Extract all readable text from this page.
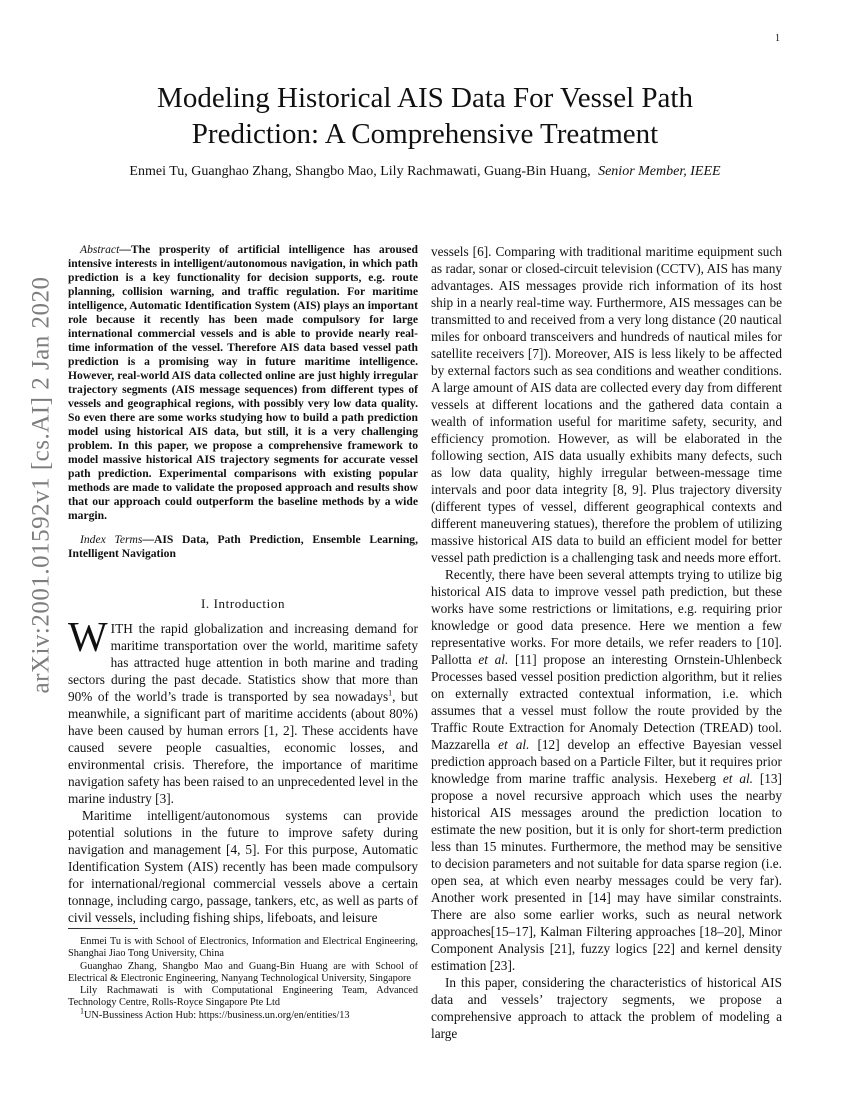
1
arXiv:2001.01592v1 [cs.AI] 2 Jan 2020
Modeling Historical AIS Data For Vessel Path
Prediction: A Comprehensive Treatment

Enmei Tu, Guanghao Zhang, Shangbo Mao, Lily Rachmawati, Guang-Bin Huang, Senior Member, IEEE

Abstract—The prosperity of artificial intelligence has aroused intensive interests in intelligent/autonomous navigation, in which path prediction is a key functionality for decision supports, e.g. route planning, collision warning, and traffic regulation. For maritime intelligence, Automatic Identification System (AIS) plays an important role because it recently has been made compulsory for large international commercial vessels and is able to provide nearly real-time information of the vessel. Therefore AIS data based vessel path prediction is a promising way in future maritime intelligence. However, real-world AIS data collected online are just highly irregular trajectory segments (AIS message sequences) from different types of vessels and geographical regions, with possibly very low data quality. So even there are some works studying how to build a path prediction model using historical AIS data, but still, it is a very challenging problem. In this paper, we propose a comprehensive framework to model massive historical AIS trajectory segments for accurate vessel path prediction. Experimental comparisons with existing popular methods are made to validate the proposed approach and results show that our approach could outperform the baseline methods by a wide margin.

Index Terms—AIS Data, Path Prediction, Ensemble Learning, Intelligent Navigation

I. Introduction

WITH the rapid globalization and increasing demand for maritime transportation over the world, maritime safety has attracted huge attention in both marine and trading sectors during the past decade. Statistics show that more than 90% of the world’s trade is transported by sea nowadays$^1$, but meanwhile, a significant part of maritime accidents (about 80%) have been caused by human errors [1, 2]. These accidents have caused severe people casualties, economic losses, and environmental crisis. Therefore, the importance of maritime navigation safety has been raised to an unprecedented level in the marine industry [3].

Maritime intelligent/autonomous systems can provide potential solutions in the future to improve safety during navigation and management [4, 5]. For this purpose, Automatic Identification System (AIS) recently has been made compulsory for international/regional commercial vessels above a certain tonnage, including cargo, passage, tankers, etc, as well as parts of civil vessels, including fishing ships, lifeboats, and leisure

Enmei Tu is with School of Electronics, Information and Electrical Engineering, Shanghai Jiao Tong University, China

Guanghao Zhang, Shangbo Mao and Guang-Bin Huang are with School of Electrical & Electronic Engineering, Nanyang Technological University, Singapore

Lily Rachmawati is with Computational Engineering Team, Advanced Technology Centre, Rolls-Royce Singapore Pte Ltd

$^1$UN-Bussiness Action Hub: https://business.un.org/en/entities/13

vessels [6]. Comparing with traditional maritime equipment such as radar, sonar or closed-circuit television (CCTV), AIS has many advantages. AIS messages provide rich information of its host ship in a nearly real-time way. Furthermore, AIS messages can be transmitted to and received from a very long distance (20 nautical miles for onboard transceivers and hundreds of nautical miles for satellite receivers [7]). Moreover, AIS is less likely to be affected by external factors such as sea conditions and weather conditions. A large amount of AIS data are collected every day from different vessels at different locations and the gathered data contain a wealth of information useful for maritime safety, security, and efficiency promotion. However, as will be elaborated in the following section, AIS data usually exhibits many defects, such as low data quality, highly irregular between-message time intervals and poor data integrity [8, 9]. Plus trajectory diversity (different types of vessel, different geographical contexts and different maneuvering statues), therefore the problem of utilizing massive historical AIS data to build an efficient model for better vessel path prediction is a challenging task and needs more effort.

Recently, there have been several attempts trying to utilize big historical AIS data to improve vessel path prediction, but these works have some restrictions or limitations, e.g. requiring prior knowledge or good data presence. Here we mention a few representative works. For more details, we refer readers to [10]. Pallotta et al. [11] propose an interesting Ornstein-Uhlenbeck Processes based vessel position prediction algorithm, but it relies on externally extracted contextual information, i.e. which assumes that a vessel must follow the route provided by the Traffic Route Extraction for Anomaly Detection (TREAD) tool. Mazzarella et al. [12] develop an effective Bayesian vessel prediction approach based on a Particle Filter, but it requires prior knowledge from marine traffic analysis. Hexeberg et al. [13] propose a novel recursive approach which uses the nearby historical AIS messages around the prediction location to estimate the new position, but it is only for short-term prediction less than 15 minutes. Furthermore, the method may be sensitive to decision parameters and not suitable for data sparse region (i.e. open sea, at which even nearby messages could be very far). Another work presented in [14] may have similar constraints. There are also some earlier works, such as neural network approaches[15–17], Kalman Filtering approaches [18–20], Minor Component Analysis [21], fuzzy logics [22] and kernel density estimation [23].

In this paper, considering the characteristics of historical AIS data and vessels’ trajectory segments, we propose a comprehensive approach to attack the problem of modeling a large
